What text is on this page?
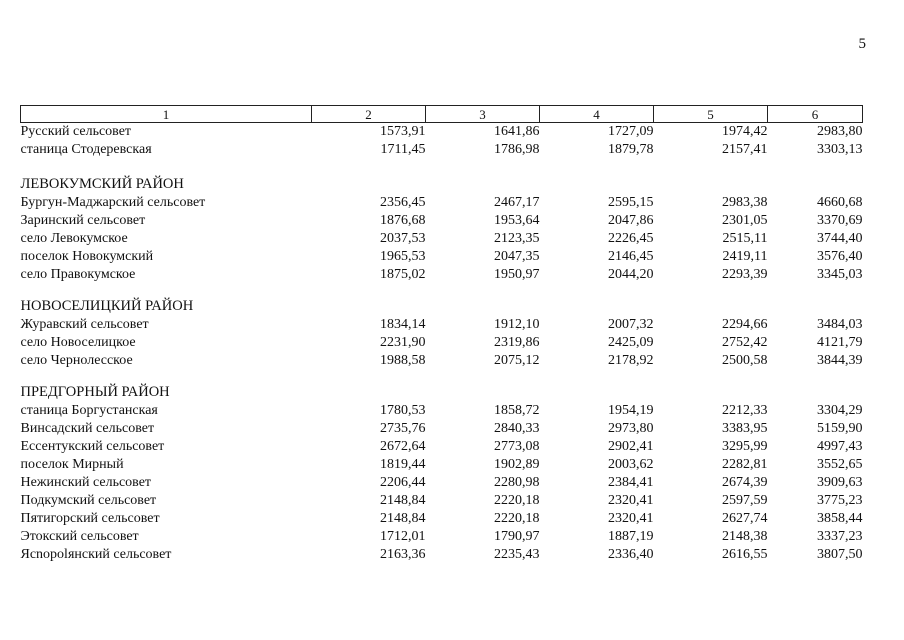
5
1	2	3	4	5	6
Русский сельсовет	1573,91	1641,86	1727,09	1974,42	2983,80
станица Стодеревская	1711,45	1786,98	1879,78	2157,41	3303,13
ЛЕВОКУМСКИЙ РАЙОН					
Бургун-Маджарский сельсовет	2356,45	2467,17	2595,15	2983,38	4660,68
Заринский сельсовет	1876,68	1953,64	2047,86	2301,05	3370,69
село Левокумское	2037,53	2123,35	2226,45	2515,11	3744,40
поселок Новокумский	1965,53	2047,35	2146,45	2419,11	3576,40
село Правокумское	1875,02	1950,97	2044,20	2293,39	3345,03
НОВОСЕЛИЦКИЙ РАЙОН					
Журавский сельсовет	1834,14	1912,10	2007,32	2294,66	3484,03
село Новоселицкое	2231,90	2319,86	2425,09	2752,42	4121,79
село Чернолесское	1988,58	2075,12	2178,92	2500,58	3844,39
ПРЕДГОРНЫЙ РАЙОН					
станица Боргустанская	1780,53	1858,72	1954,19	2212,33	3304,29
Винсадский сельсовет	2735,76	2840,33	2973,80	3383,95	5159,90
Ессентукский сельсовет	2672,64	2773,08	2902,41	3295,99	4997,43
поселок Мирный	1819,44	1902,89	2003,62	2282,81	3552,65
Нежинский сельсовет	2206,44	2280,98	2384,41	2674,39	3909,63
Подкумский сельсовет	2148,84	2220,18	2320,41	2597,59	3775,23
Пятигорский сельсовет	2148,84	2220,18	2320,41	2627,74	3858,44
Этокский сельсовет	1712,01	1790,97	1887,19	2148,38	3337,23
Ясnopolянский сельсовет	2163,36	2235,43	2336,40	2616,55	3807,50
